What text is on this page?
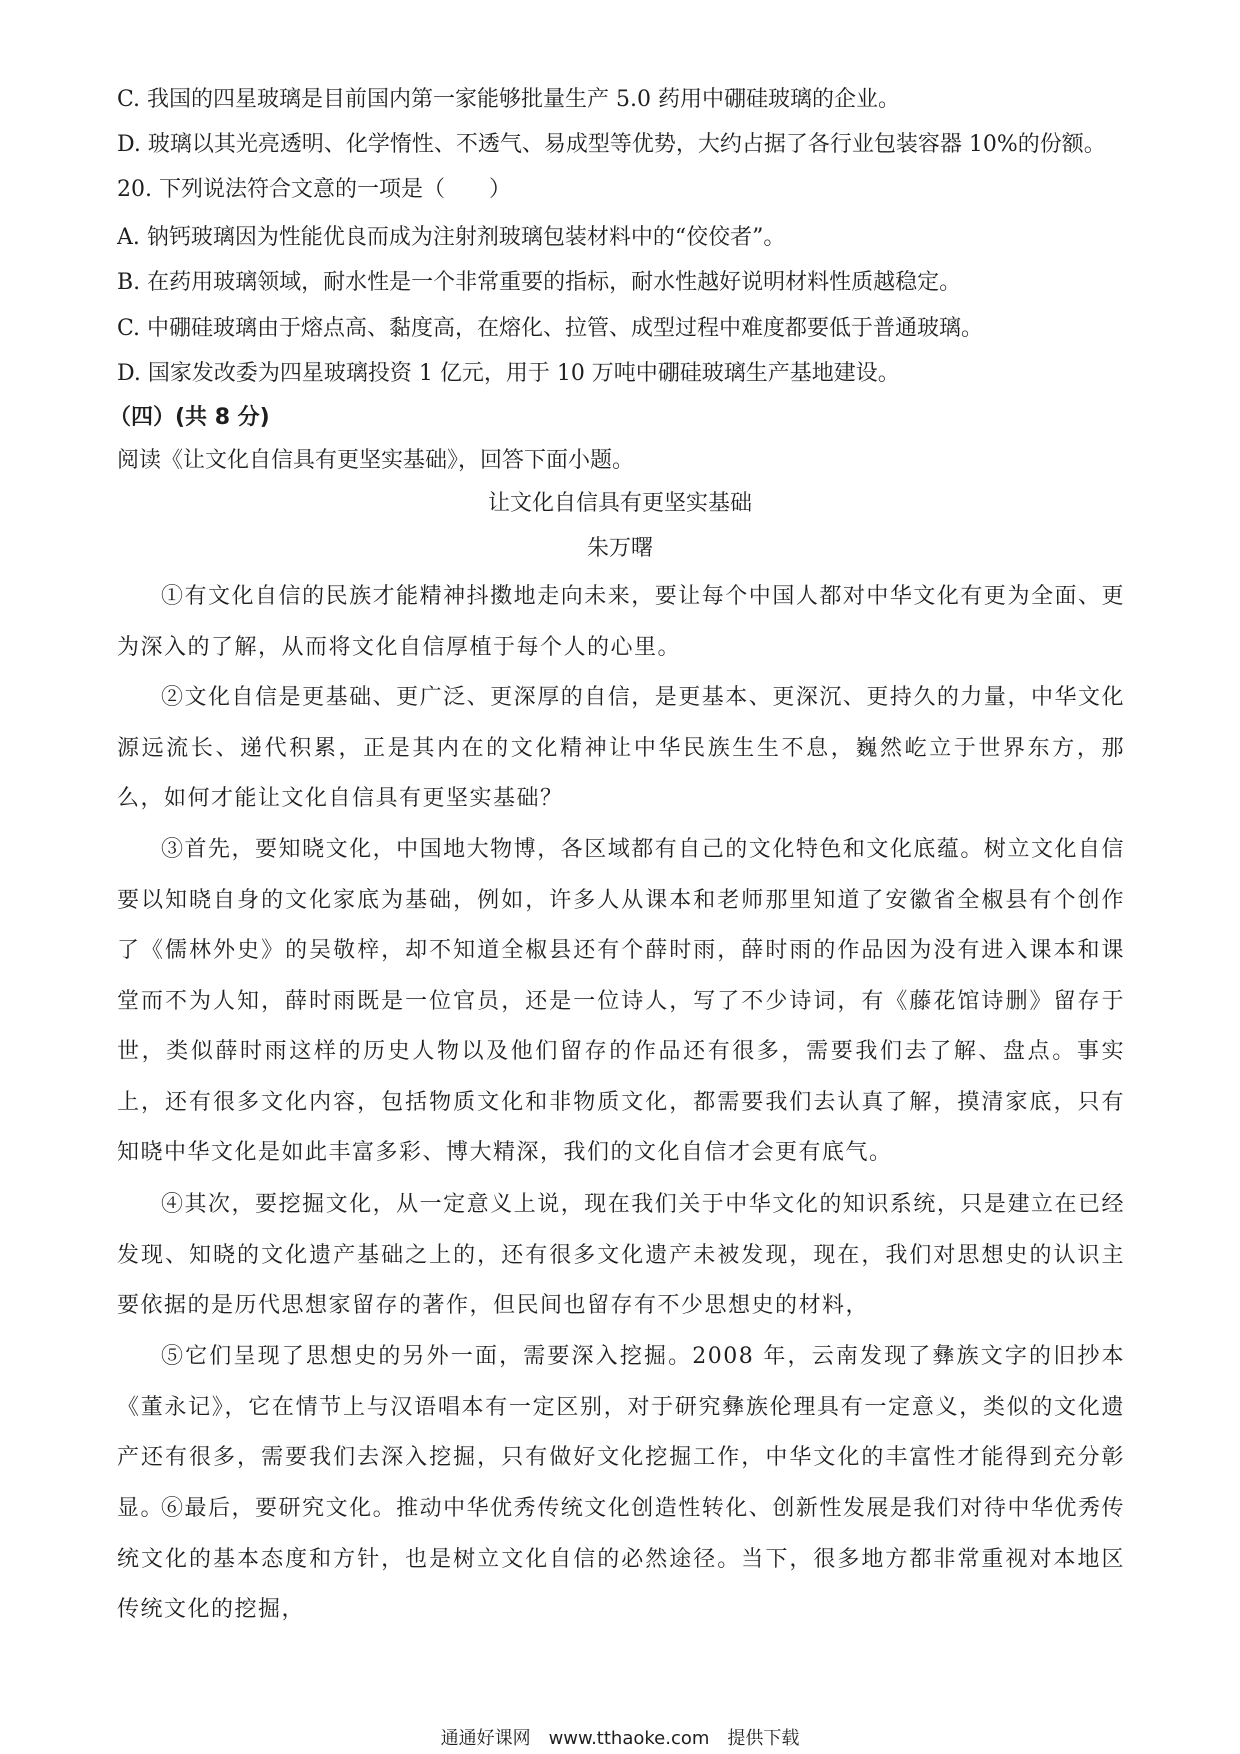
C. 我国的四星玻璃是目前国内第一家能够批量生产 5.0 药用中硼硅玻璃的企业。
D. 玻璃以其光亮透明、化学惰性、不透气、易成型等优势，大约占据了各行业包装容器 10%的份额。
20. 下列说法符合文意的一项是（　　）
A. 钠钙玻璃因为性能优良而成为注射剂玻璃包装材料中的“佼佼者”。
B. 在药用玻璃领域，耐水性是一个非常重要的指标，耐水性越好说明材料性质越稳定。
C. 中硼硅玻璃由于熔点高、黏度高，在熔化、拉管、成型过程中难度都要低于普通玻璃。
D. 国家发改委为四星玻璃投资 1 亿元，用于 10 万吨中硼硅玻璃生产基地建设。
（四）(共 8 分)
阅读《让文化自信具有更坚实基础》，回答下面小题。
让文化自信具有更坚实基础
朱万曙

①有文化自信的民族才能精神抖擞地走向未来，要让每个中国人都对中华文化有更为全面、更为深入的了解，从而将文化自信厚植于每个人的心里。

②文化自信是更基础、更广泛、更深厚的自信，是更基本、更深沉、更持久的力量，中华文化源远流长、递代积累，正是其内在的文化精神让中华民族生生不息，巍然屹立于世界东方，那么，如何才能让文化自信具有更坚实基础？

③首先，要知晓文化，中国地大物博，各区域都有自己的文化特色和文化底蕴。树立文化自信要以知晓自身的文化家底为基础，例如，许多人从课本和老师那里知道了安徽省全椒县有个创作了《儒林外史》的吴敬梓，却不知道全椒县还有个薛时雨，薛时雨的作品因为没有进入课本和课堂而不为人知，薛时雨既是一位官员，还是一位诗人，写了不少诗词，有《藤花馆诗删》留存于世，类似薛时雨这样的历史人物以及他们留存的作品还有很多，需要我们去了解、盘点。事实上，还有很多文化内容，包括物质文化和非物质文化，都需要我们去认真了解，摸清家底，只有知晓中华文化是如此丰富多彩、博大精深，我们的文化自信才会更有底气。

④其次，要挖掘文化，从一定意义上说，现在我们关于中华文化的知识系统，只是建立在已经发现、知晓的文化遗产基础之上的，还有很多文化遗产未被发现，现在，我们对思想史的认识主要依据的是历代思想家留存的著作，但民间也留存有不少思想史的材料，

⑤它们呈现了思想史的另外一面，需要深入挖掘。2008 年，云南发现了彝族文字的旧抄本《董永记》，它在情节上与汉语唱本有一定区别，对于研究彝族伦理具有一定意义，类似的文化遗产还有很多，需要我们去深入挖掘，只有做好文化挖掘工作，中华文化的丰富性才能得到充分彰显。

⑥最后，要研究文化。推动中华优秀传统文化创造性转化、创新性发展是我们对待中华优秀传统文化的基本态度和方针，也是树立文化自信的必然途径。当下，很多地方都非常重视对本地区传统文化的挖掘，

通通好课网　www.tthaoke.com　提供下载
